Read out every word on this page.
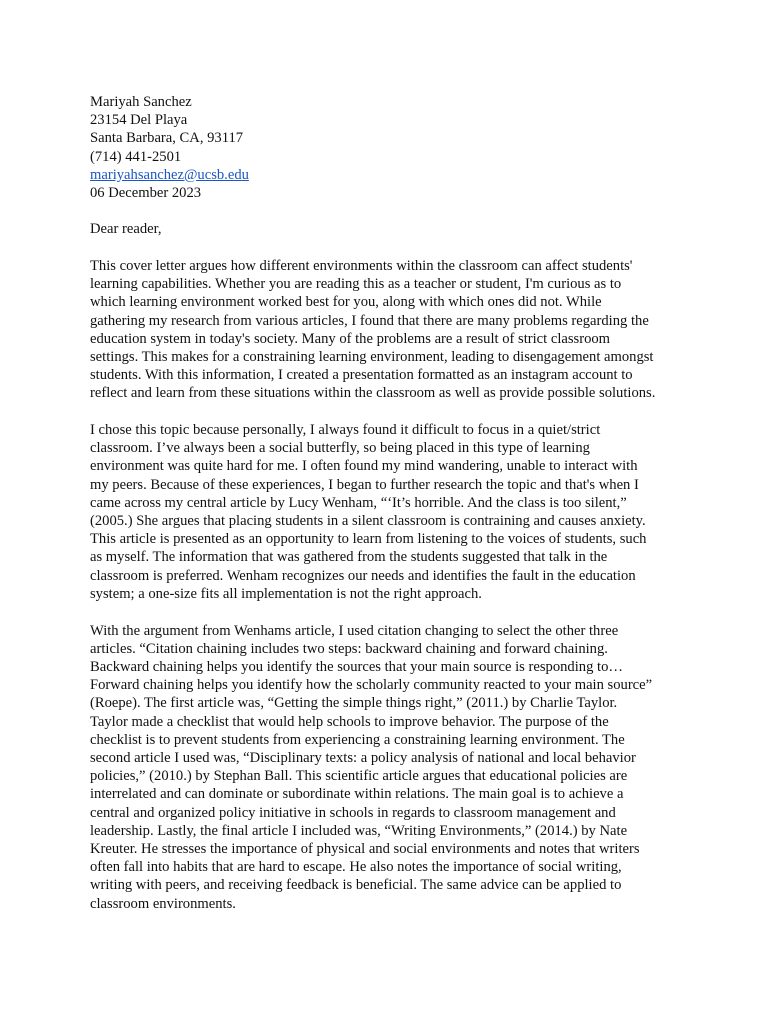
Mariyah Sanchez
23154 Del Playa
Santa Barbara, CA, 93117
(714) 441-2501
mariyahsanchez@ucsb.edu
06 December 2023
Dear reader,
This cover letter argues how different environments within the classroom can affect students'
learning capabilities. Whether you are reading this as a teacher or student, I'm curious as to
which learning environment worked best for you, along with which ones did not. While
gathering my research from various articles, I found that there are many problems regarding the
education system in today's society. Many of the problems are a result of strict classroom
settings. This makes for a constraining learning environment, leading to disengagement amongst
students. With this information, I created a presentation formatted as an instagram account to
reflect and learn from these situations within the classroom as well as provide possible solutions.
I chose this topic because personally, I always found it difficult to focus in a quiet/strict
classroom. I’ve always been a social butterfly, so being placed in this type of learning
environment was quite hard for me. I often found my mind wandering, unable to interact with
my peers. Because of these experiences, I began to further research the topic and that's when I
came across my central article by Lucy Wenham, “‘It’s horrible. And the class is too silent,”
(2005.) She argues that placing students in a silent classroom is contraining and causes anxiety.
This article is presented as an opportunity to learn from listening to the voices of students, such
as myself. The information that was gathered from the students suggested that talk in the
classroom is preferred. Wenham recognizes our needs and identifies the fault in the education
system; a one-size fits all implementation is not the right approach.
With the argument from Wenhams article, I used citation changing to select the other three
articles. “Citation chaining includes two steps: backward chaining and forward chaining.
Backward chaining helps you identify the sources that your main source is responding to…
Forward chaining helps you identify how the scholarly community reacted to your main source”
(Roepe). The first article was, “Getting the simple things right,” (2011.) by Charlie Taylor.
Taylor made a checklist that would help schools to improve behavior. The purpose of the
checklist is to prevent students from experiencing a constraining learning environment. The
second article I used was, “Disciplinary texts: a policy analysis of national and local behavior
policies,” (2010.) by Stephan Ball. This scientific article argues that educational policies are
interrelated and can dominate or subordinate within relations. The main goal is to achieve a
central and organized policy initiative in schools in regards to classroom management and
leadership. Lastly, the final article I included was, “Writing Environments,” (2014.) by Nate
Kreuter. He stresses the importance of physical and social environments and notes that writers
often fall into habits that are hard to escape. He also notes the importance of social writing,
writing with peers, and receiving feedback is beneficial. The same advice can be applied to
classroom environments.
